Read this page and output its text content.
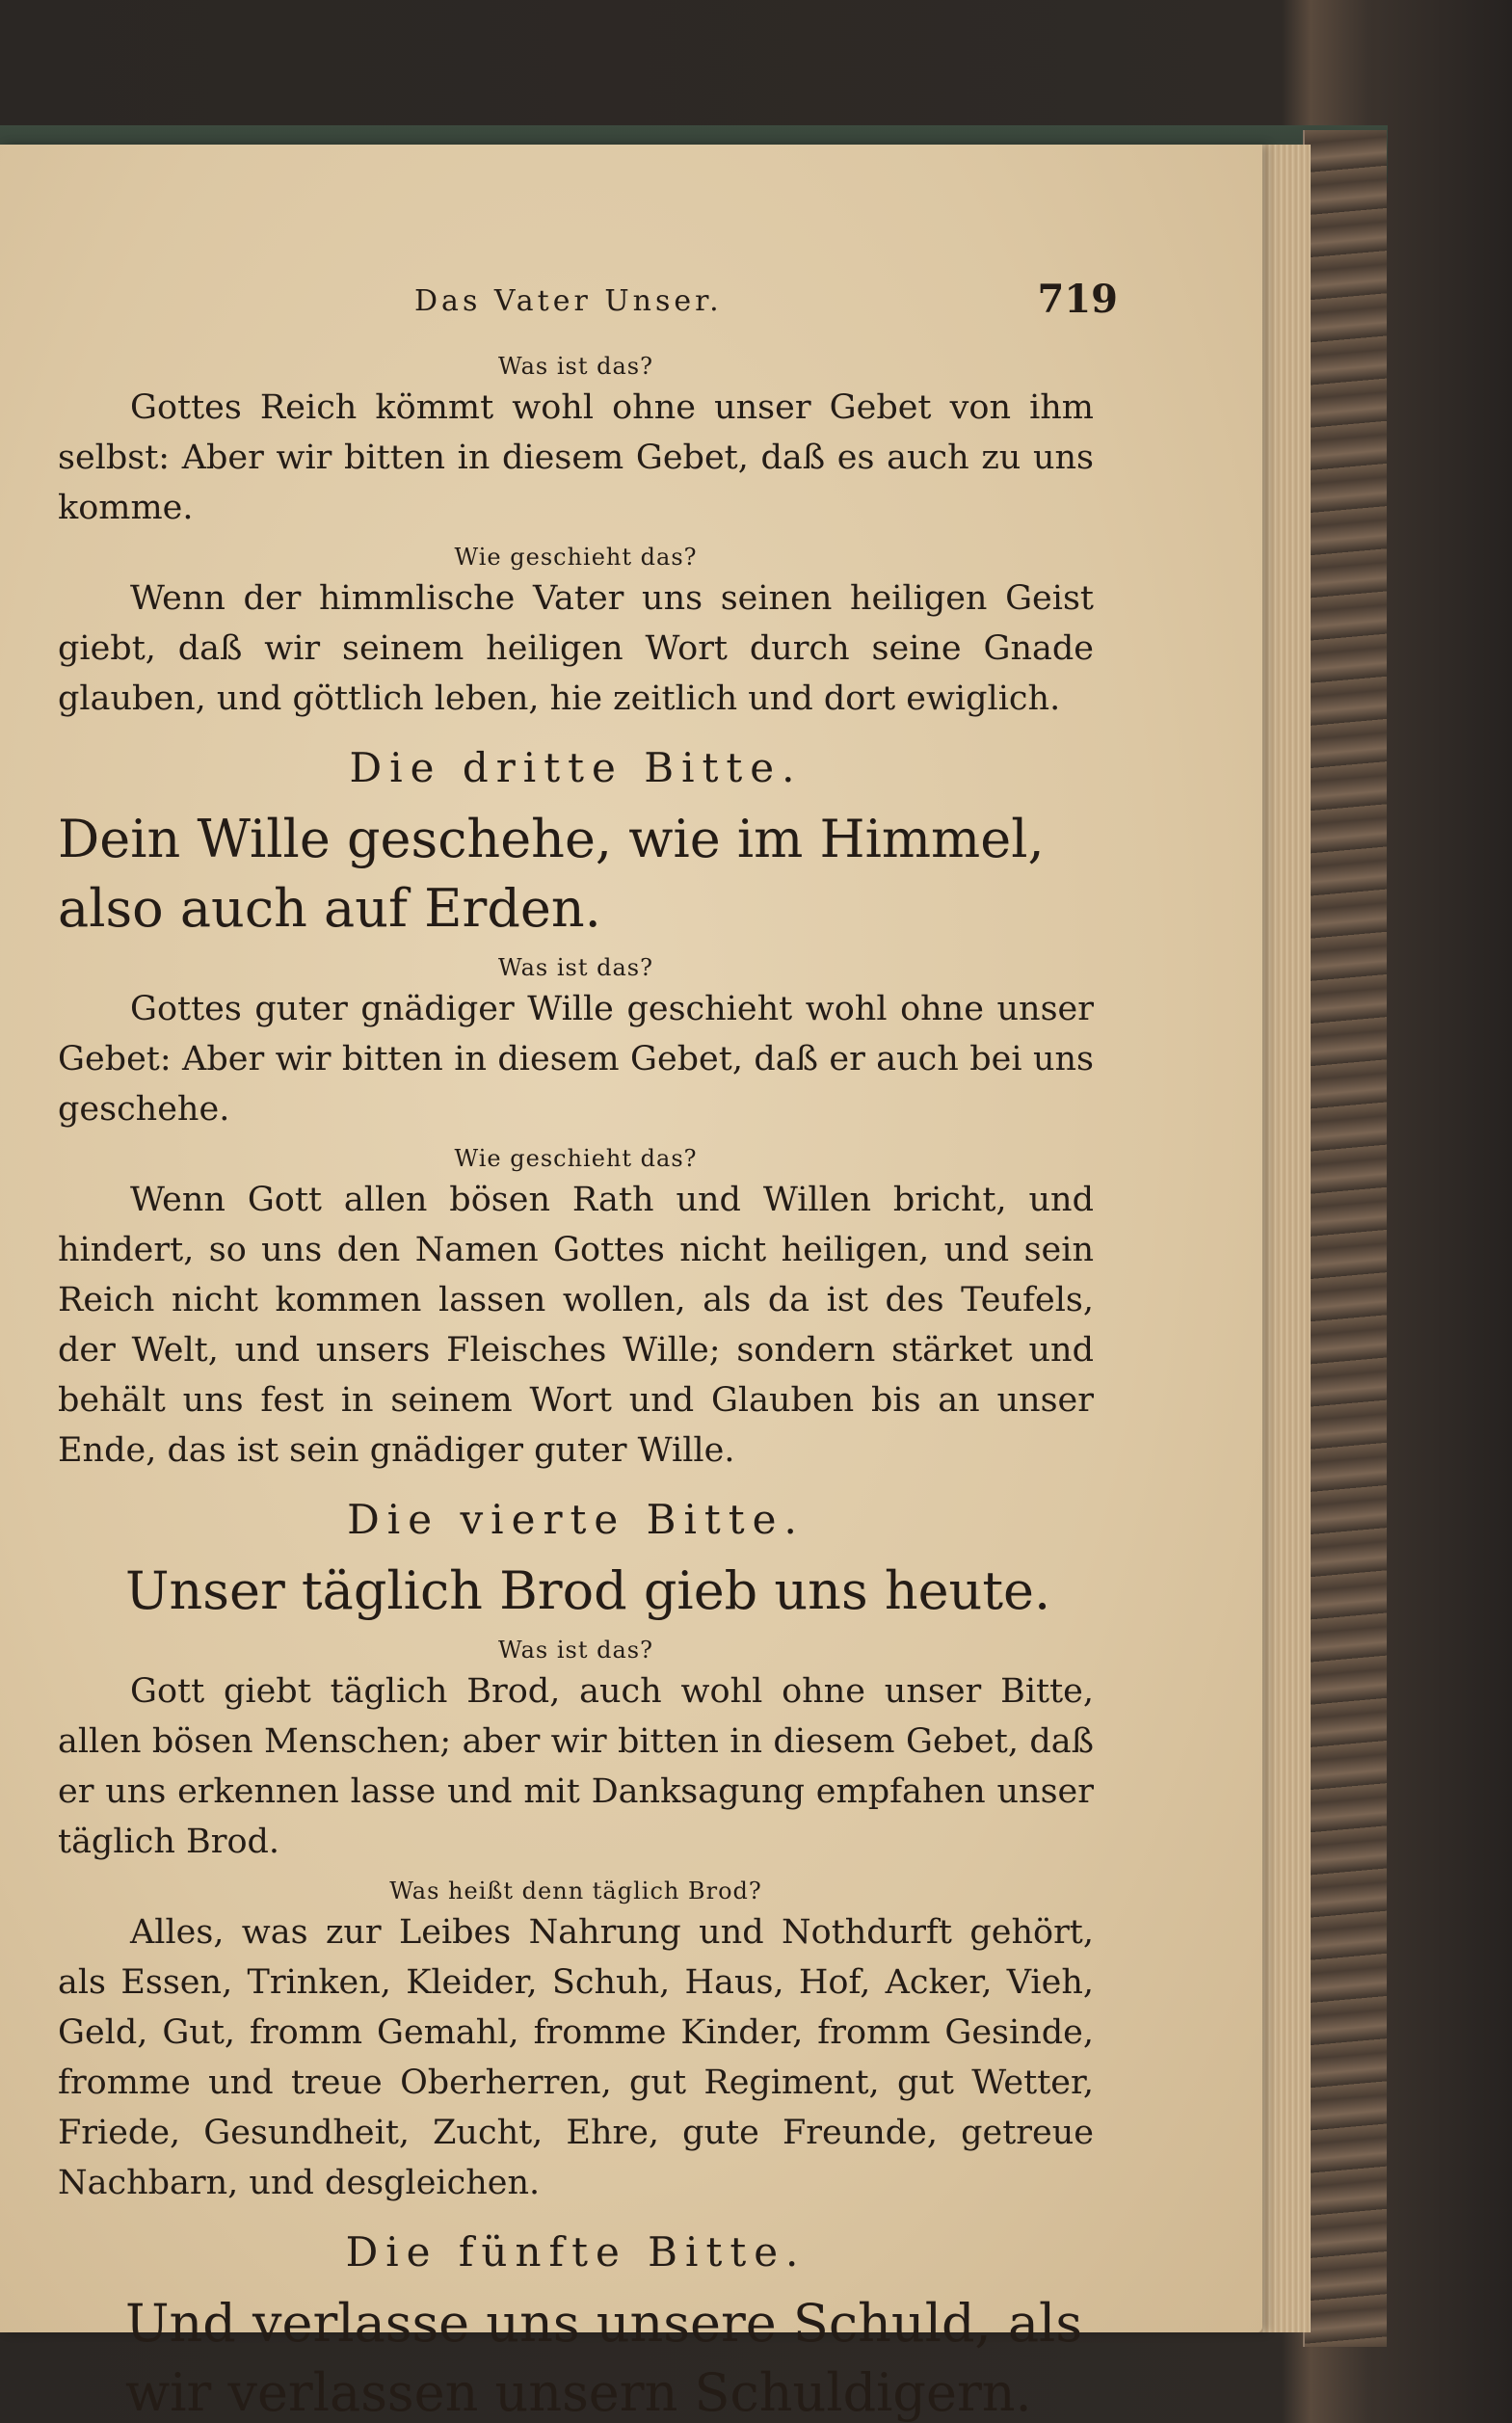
Das Vater Unser.	719

Was ist das?

Gottes Reich kömmt wohl ohne unser Gebet von ihm selbst: Aber wir bitten in diesem Gebet, daß es auch zu uns komme.

Wie geschieht das?

Wenn der himmlische Vater uns seinen heiligen Geist giebt, daß wir seinem heiligen Wort durch seine Gnade glauben, und göttlich leben, hie zeitlich und dort ewiglich.

Die dritte Bitte.

Dein Wille geschehe, wie im Himmel, also auch auf Erden.

Was ist das?

Gottes guter gnädiger Wille geschieht wohl ohne unser Gebet: Aber wir bitten in diesem Gebet, daß er auch bei uns geschehe.

Wie geschieht das?

Wenn Gott allen bösen Rath und Willen bricht, und hindert, so uns den Namen Gottes nicht heiligen, und sein Reich nicht kommen lassen wollen, als da ist des Teufels, der Welt, und unsers Fleisches Wille; sondern stärket und behält uns fest in seinem Wort und Glauben bis an unser Ende, das ist sein gnädiger guter Wille.

Die vierte Bitte.

Unser täglich Brod gieb uns heute.

Was ist das?

Gott giebt täglich Brod, auch wohl ohne unser Bitte, allen bösen Menschen; aber wir bitten in diesem Gebet, daß er uns erkennen lasse und mit Danksagung empfahen unser täglich Brod.

Was heißt denn täglich Brod?

Alles, was zur Leibes Nahrung und Nothdurft gehört, als Essen, Trinken, Kleider, Schuh, Haus, Hof, Acker, Vieh, Geld, Gut, fromm Gemahl, fromme Kinder, fromm Gesinde, fromme und treue Oberherren, gut Regiment, gut Wetter, Friede, Gesundheit, Zucht, Ehre, gute Freunde, getreue Nachbarn, und desgleichen.

Die fünfte Bitte.

Und verlasse uns unsere Schuld, als wir verlassen unsern Schuldigern.
